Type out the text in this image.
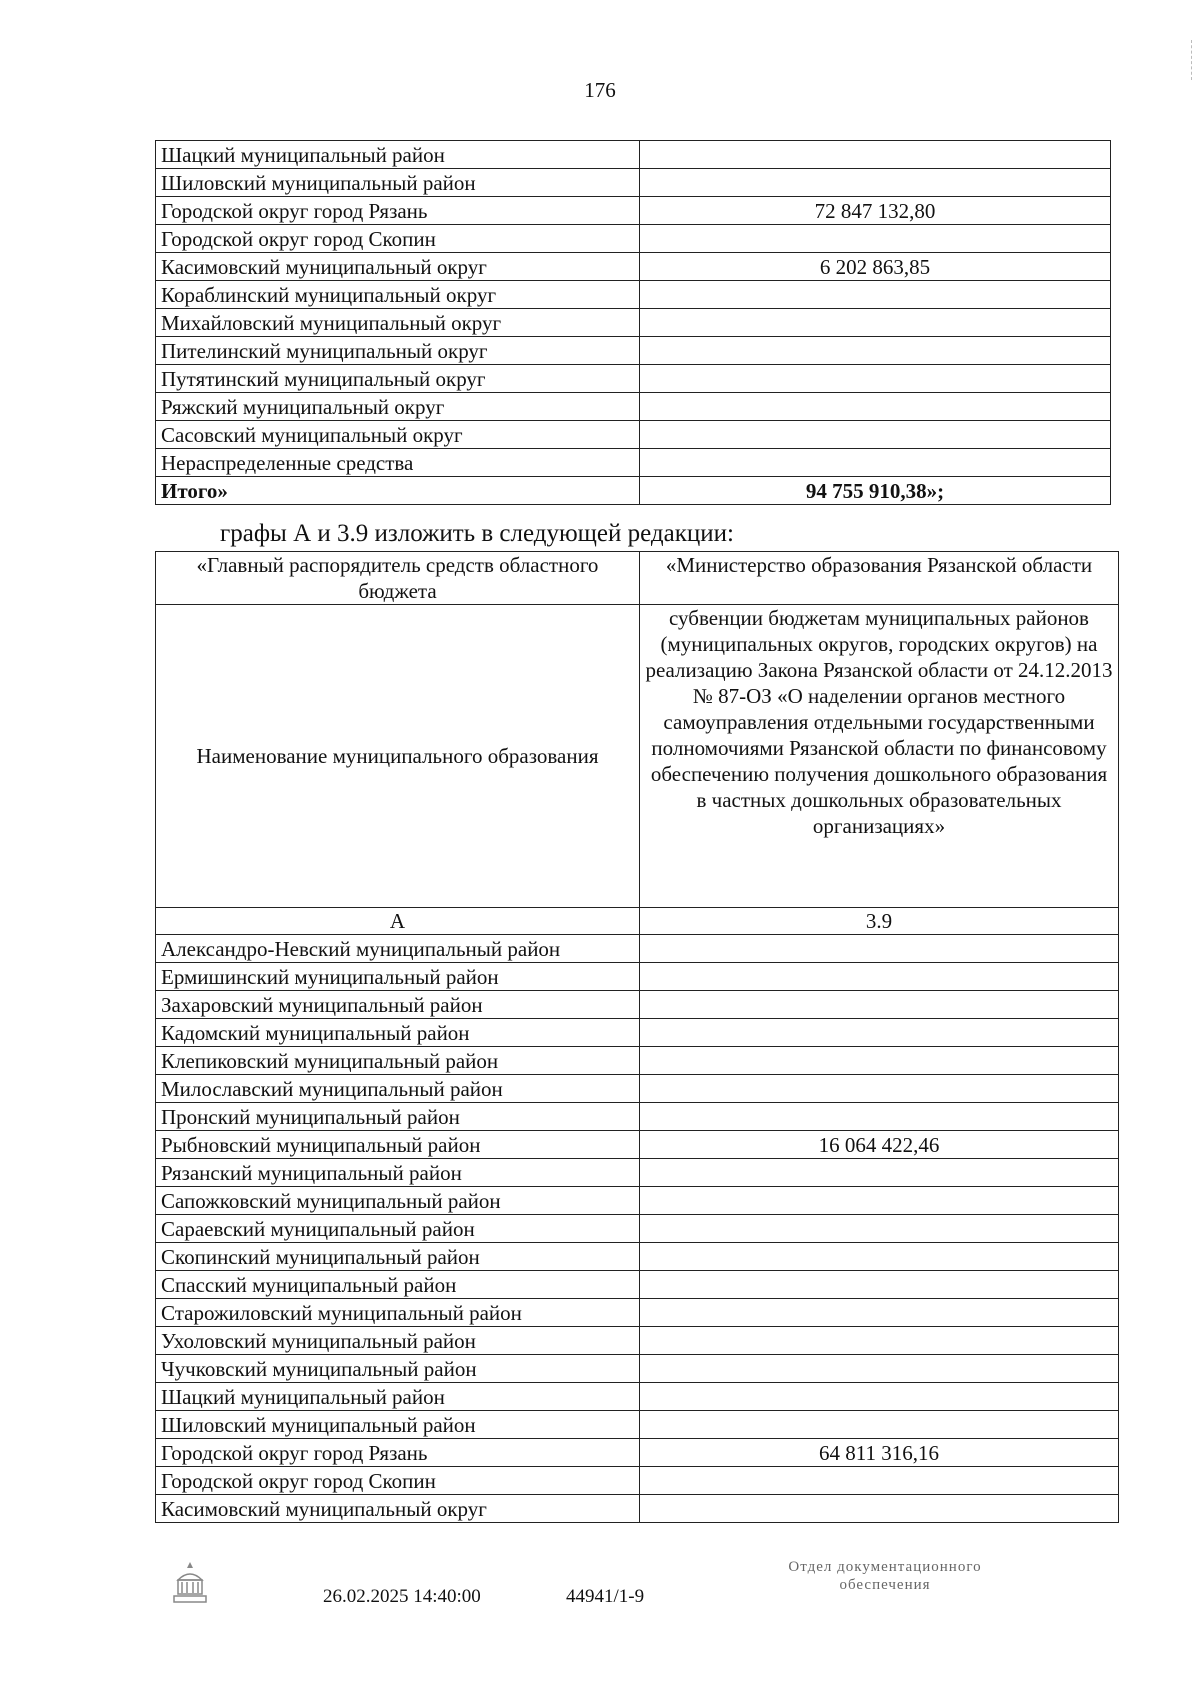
176
Шацкий муниципальный район	
Шиловский муниципальный район	
Городской округ город Рязань	72 847 132,80
Городской округ город Скопин	
Касимовский муниципальный округ	6 202 863,85
Кораблинский муниципальный округ	
Михайловский муниципальный округ	
Пителинский муниципальный округ	
Путятинский муниципальный округ	
Ряжский муниципальный округ	
Сасовский муниципальный округ	
Нераспределенные средства	
Итого»	94 755 910,38»;
графы А и 3.9 изложить в следующей редакции:
«Главный распорядитель средств областного бюджета	«Министерство образования Рязанской области
Наименование муниципального образования	субвенции бюджетам муниципальных районов (муниципальных округов, городских округов) на реализацию Закона Рязанской области от 24.12.2013 № 87-ОЗ «О наделении органов местного самоуправления отдельными государственными полномочиями Рязанской области по финансовому обеспечению получения дошкольного образования в частных дошкольных образовательных организациях»
А	3.9
Александро-Невский муниципальный район	
Ермишинский муниципальный район	
Захаровский муниципальный район	
Кадомский муниципальный район	
Клепиковский муниципальный район	
Милославский муниципальный район	
Пронский муниципальный район	
Рыбновский муниципальный район	16 064 422,46
Рязанский муниципальный район	
Сапожковский муниципальный район	
Сараевский муниципальный район	
Скопинский муниципальный район	
Спасский муниципальный район	
Старожиловский муниципальный район	
Ухоловский муниципальный район	
Чучковский муниципальный район	
Шацкий муниципальный район	
Шиловский муниципальный район	
Городской округ город Рязань	64 811 316,16
Городской округ город Скопин	
Касимовский муниципальный округ	
26.02.2025 14:40:00	44941/1-9
Отдел документационного
обеспечения
